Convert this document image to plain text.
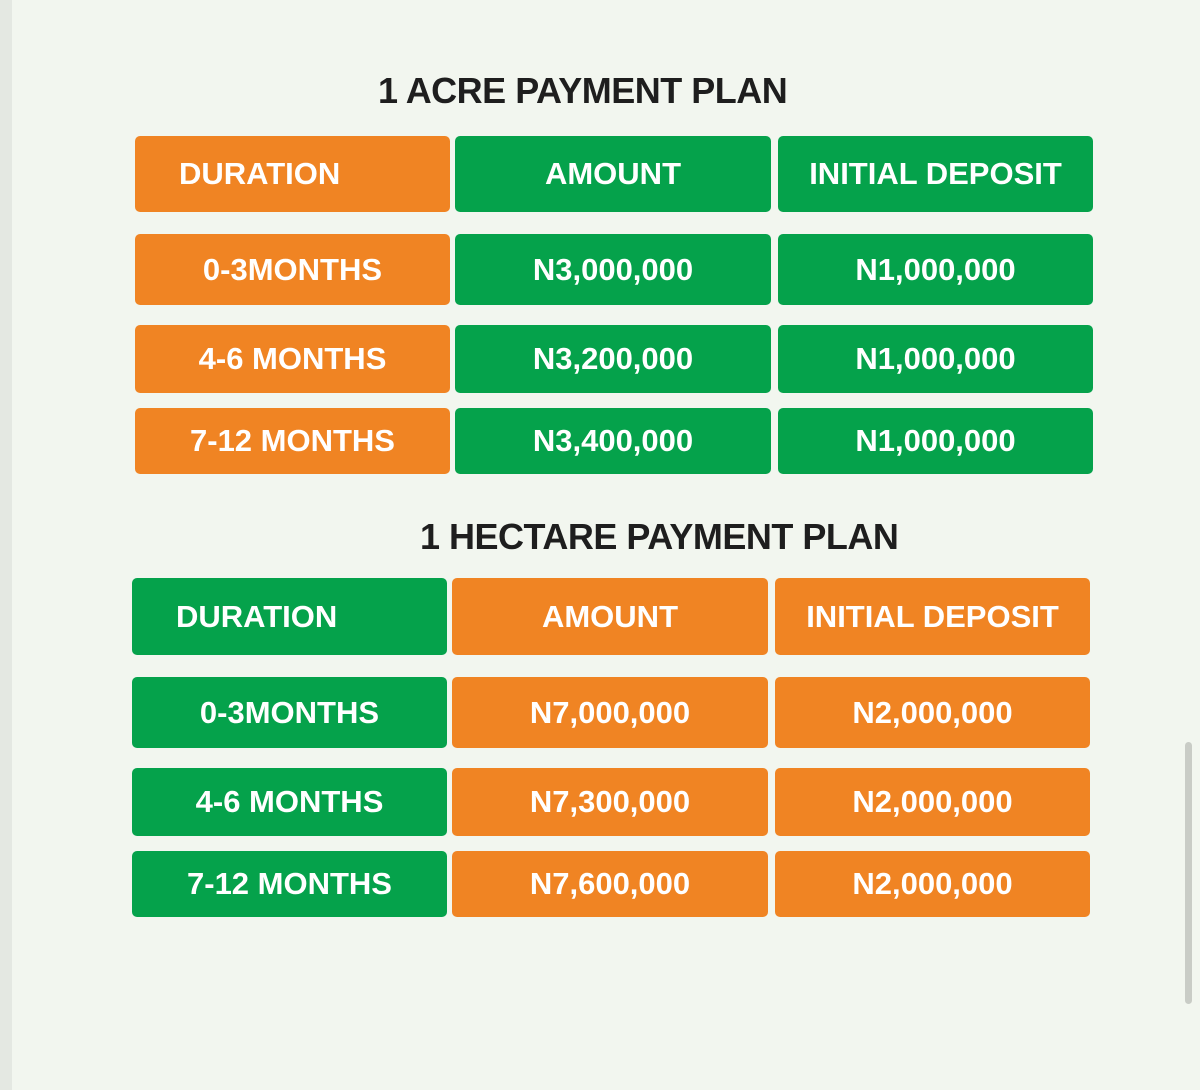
1 ACRE PAYMENT PLAN
DURATION	AMOUNT	INITIAL DEPOSIT
0-3MONTHS	N3,000,000	N1,000,000
4-6 MONTHS	N3,200,000	N1,000,000
7-12 MONTHS	N3,400,000	N1,000,000
1 HECTARE PAYMENT PLAN
DURATION	AMOUNT	INITIAL DEPOSIT
0-3MONTHS	N7,000,000	N2,000,000
4-6 MONTHS	N7,300,000	N2,000,000
7-12 MONTHS	N7,600,000	N2,000,000
